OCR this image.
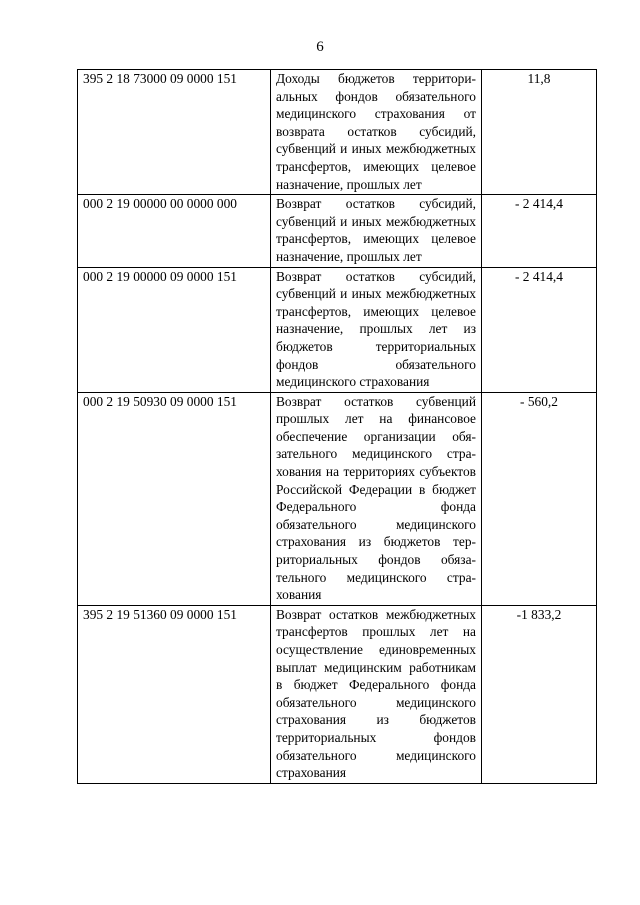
6
395 2 18 73000 09 0000 151	Доходы бюджетов территориальных фондов обязательного медицинского страхования от возврата остатков субсидий, субвенций и иных межбюджетных трансфертов, имеющих целевое назначение, прошлых лет	11,8
000 2 19 00000 00 0000 000	Возврат остатков субсидий, субвенций и иных межбюджетных трансфертов, имеющих целевое назначение, прошлых лет	- 2 414,4
000 2 19 00000 09 0000 151	Возврат остатков субсидий, субвенций и иных межбюджетных трансфертов, имеющих целевое назначение, прошлых лет из бюджетов территориальных фондов обязательного медицинского страхования	- 2 414,4
000 2 19 50930 09 0000 151	Возврат остатков субвенций прошлых лет на финансовое обеспечение организации обязательного медицинского страхования на территориях субъектов Российской Федерации в бюджет Федерального фонда обязательного медицинского страхования из бюджетов территориальных фондов обязательного медицинского страхования	- 560,2
395 2 19 51360 09 0000 151	Возврат остатков межбюджетных трансфертов прошлых лет на осуществление единовременных выплат медицинским работникам в бюджет Федерального фонда обязательного медицинского страхования из бюджетов территориальных фондов обязательного медицинского страхования	-1 833,2
